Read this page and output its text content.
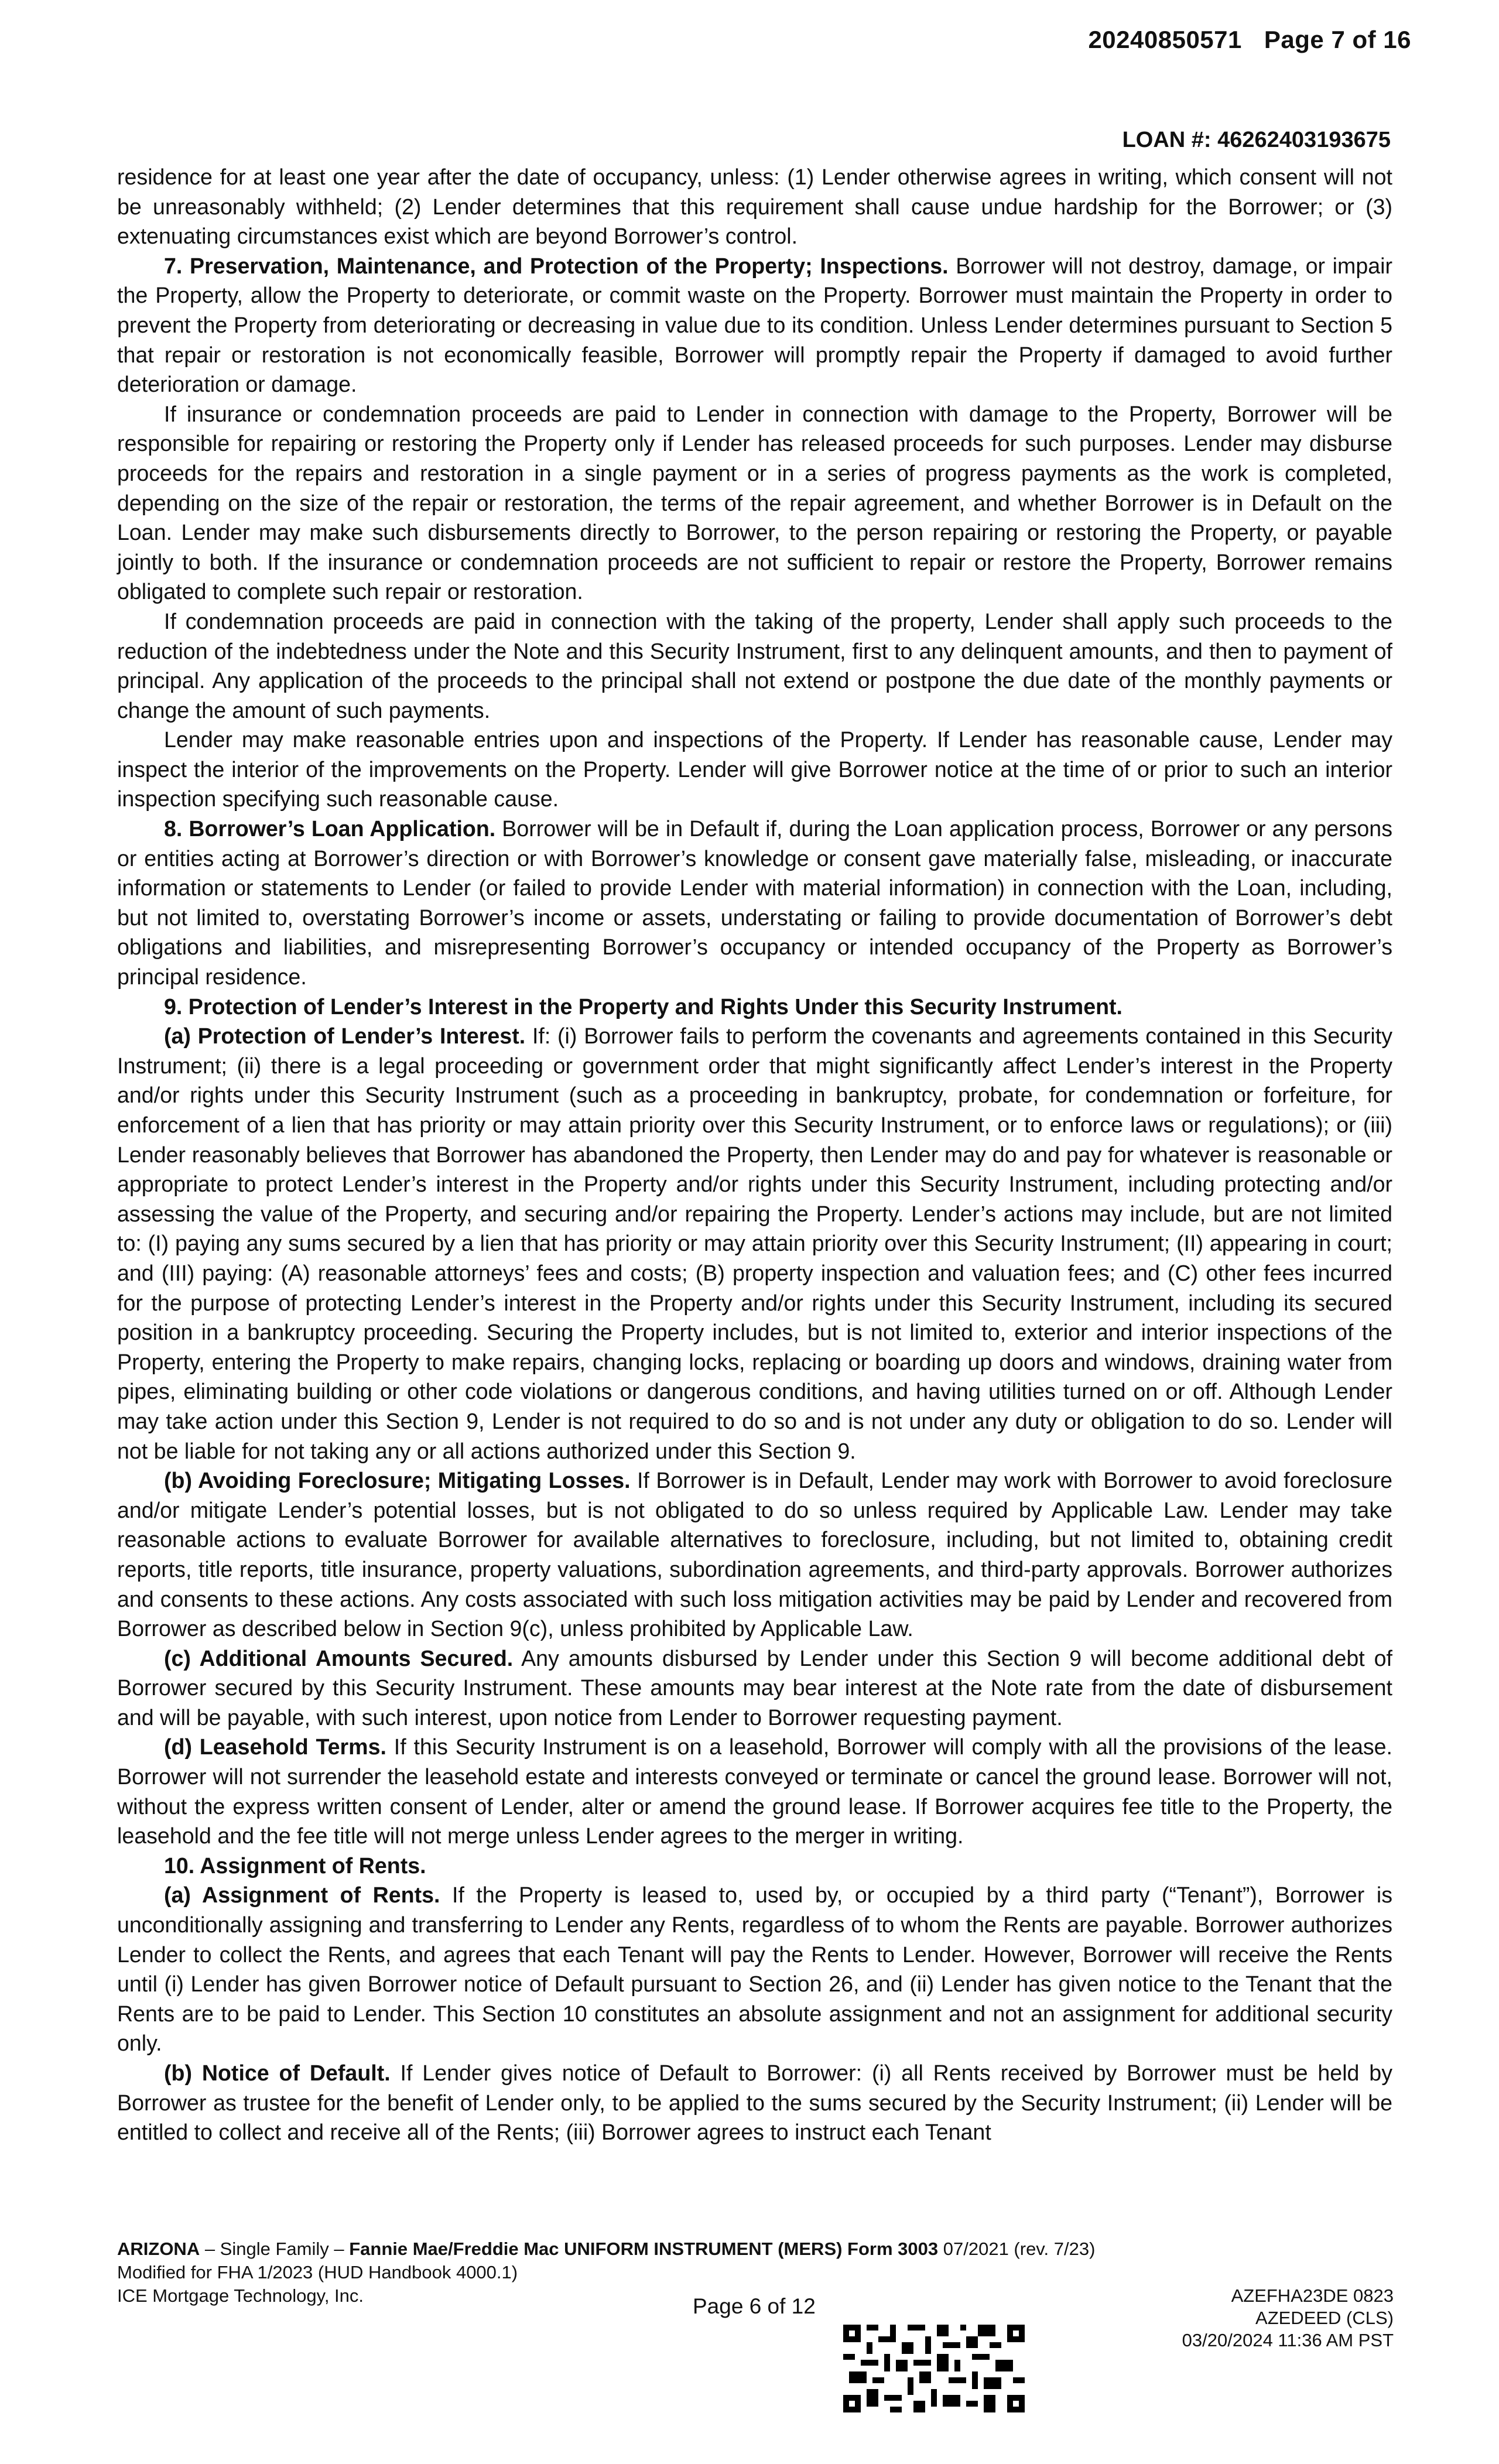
20240850571 Page 7 of 16
LOAN #: 46262403193675

residence for at least one year after the date of occupancy, unless: (1) Lender otherwise agrees in writing, which consent will not be unreasonably withheld; (2) Lender determines that this requirement shall cause undue hardship for the Borrower; or (3) extenuating circumstances exist which are beyond Borrower’s control.

7. Preservation, Maintenance, and Protection of the Property; Inspections. Borrower will not destroy, damage, or impair the Property, allow the Property to deteriorate, or commit waste on the Property. Borrower must maintain the Property in order to prevent the Property from deteriorating or decreasing in value due to its condition. Unless Lender determines pursuant to Section 5 that repair or restoration is not economically feasible, Borrower will promptly repair the Property if damaged to avoid further deterioration or damage.

If insurance or condemnation proceeds are paid to Lender in connection with damage to the Property, Borrower will be responsible for repairing or restoring the Property only if Lender has released proceeds for such purposes. Lender may disburse proceeds for the repairs and restoration in a single payment or in a series of progress payments as the work is completed, depending on the size of the repair or restoration, the terms of the repair agreement, and whether Borrower is in Default on the Loan. Lender may make such disbursements directly to Borrower, to the person repairing or restoring the Property, or payable jointly to both. If the insurance or condemnation proceeds are not sufficient to repair or restore the Property, Borrower remains obligated to complete such repair or restoration.

If condemnation proceeds are paid in connection with the taking of the property, Lender shall apply such proceeds to the reduction of the indebtedness under the Note and this Security Instrument, first to any delinquent amounts, and then to payment of principal. Any application of the proceeds to the principal shall not extend or postpone the due date of the monthly payments or change the amount of such payments.

Lender may make reasonable entries upon and inspections of the Property. If Lender has reasonable cause, Lender may inspect the interior of the improvements on the Property. Lender will give Borrower notice at the time of or prior to such an interior inspection specifying such reasonable cause.

8. Borrower’s Loan Application. Borrower will be in Default if, during the Loan application process, Borrower or any persons or entities acting at Borrower’s direction or with Borrower’s knowledge or consent gave materially false, misleading, or inaccurate information or statements to Lender (or failed to provide Lender with material information) in connection with the Loan, including, but not limited to, overstating Borrower’s income or assets, understating or failing to provide documentation of Borrower’s debt obligations and liabilities, and misrepresenting Borrower’s occupancy or intended occupancy of the Property as Borrower’s principal residence.

9. Protection of Lender’s Interest in the Property and Rights Under this Security Instrument.

(a) Protection of Lender’s Interest. If: (i) Borrower fails to perform the covenants and agreements contained in this Security Instrument; (ii) there is a legal proceeding or government order that might significantly affect Lender’s interest in the Property and/or rights under this Security Instrument (such as a proceeding in bankruptcy, probate, for condemnation or forfeiture, for enforcement of a lien that has priority or may attain priority over this Security Instrument, or to enforce laws or regulations); or (iii) Lender reasonably believes that Borrower has abandoned the Property, then Lender may do and pay for whatever is reasonable or appropriate to protect Lender’s interest in the Property and/or rights under this Security Instrument, including protecting and/or assessing the value of the Property, and securing and/or repairing the Property. Lender’s actions may include, but are not limited to: (I) paying any sums secured by a lien that has priority or may attain priority over this Security Instrument; (II) appearing in court; and (III) paying: (A) reasonable attorneys’ fees and costs; (B) property inspection and valuation fees; and (C) other fees incurred for the purpose of protecting Lender’s interest in the Property and/or rights under this Security Instrument, including its secured position in a bankruptcy proceeding. Securing the Property includes, but is not limited to, exterior and interior inspections of the Property, entering the Property to make repairs, changing locks, replacing or boarding up doors and windows, draining water from pipes, eliminating building or other code violations or dangerous conditions, and having utilities turned on or off. Although Lender may take action under this Section 9, Lender is not required to do so and is not under any duty or obligation to do so. Lender will not be liable for not taking any or all actions authorized under this Section 9.

(b) Avoiding Foreclosure; Mitigating Losses. If Borrower is in Default, Lender may work with Borrower to avoid foreclosure and/or mitigate Lender’s potential losses, but is not obligated to do so unless required by Applicable Law. Lender may take reasonable actions to evaluate Borrower for available alternatives to foreclosure, including, but not limited to, obtaining credit reports, title reports, title insurance, property valuations, subordination agreements, and third-party approvals. Borrower authorizes and consents to these actions. Any costs associated with such loss mitigation activities may be paid by Lender and recovered from Borrower as described below in Section 9(c), unless prohibited by Applicable Law.

(c) Additional Amounts Secured. Any amounts disbursed by Lender under this Section 9 will become additional debt of Borrower secured by this Security Instrument. These amounts may bear interest at the Note rate from the date of disbursement and will be payable, with such interest, upon notice from Lender to Borrower requesting payment.

(d) Leasehold Terms. If this Security Instrument is on a leasehold, Borrower will comply with all the provisions of the lease. Borrower will not surrender the leasehold estate and interests conveyed or terminate or cancel the ground lease. Borrower will not, without the express written consent of Lender, alter or amend the ground lease. If Borrower acquires fee title to the Property, the leasehold and the fee title will not merge unless Lender agrees to the merger in writing.

10. Assignment of Rents.

(a) Assignment of Rents. If the Property is leased to, used by, or occupied by a third party (“Tenant”), Borrower is unconditionally assigning and transferring to Lender any Rents, regardless of to whom the Rents are payable. Borrower authorizes Lender to collect the Rents, and agrees that each Tenant will pay the Rents to Lender. However, Borrower will receive the Rents until (i) Lender has given Borrower notice of Default pursuant to Section 26, and (ii) Lender has given notice to the Tenant that the Rents are to be paid to Lender. This Section 10 constitutes an absolute assignment and not an assignment for additional security only.

(b) Notice of Default. If Lender gives notice of Default to Borrower: (i) all Rents received by Borrower must be held by Borrower as trustee for the benefit of Lender only, to be applied to the sums secured by the Security Instrument; (ii) Lender will be entitled to collect and receive all of the Rents; (iii) Borrower agrees to instruct each Tenant

ARIZONA – Single Family – Fannie Mae/Freddie Mac UNIFORM INSTRUMENT (MERS) Form 3003 07/2021 (rev. 7/23)
Modified for FHA 1/2023 (HUD Handbook 4000.1)
ICE Mortgage Technology, Inc.	Page 6 of 12	AZEFHA23DE 0823
AZEDEED (CLS)
03/20/2024 11:36 AM PST
